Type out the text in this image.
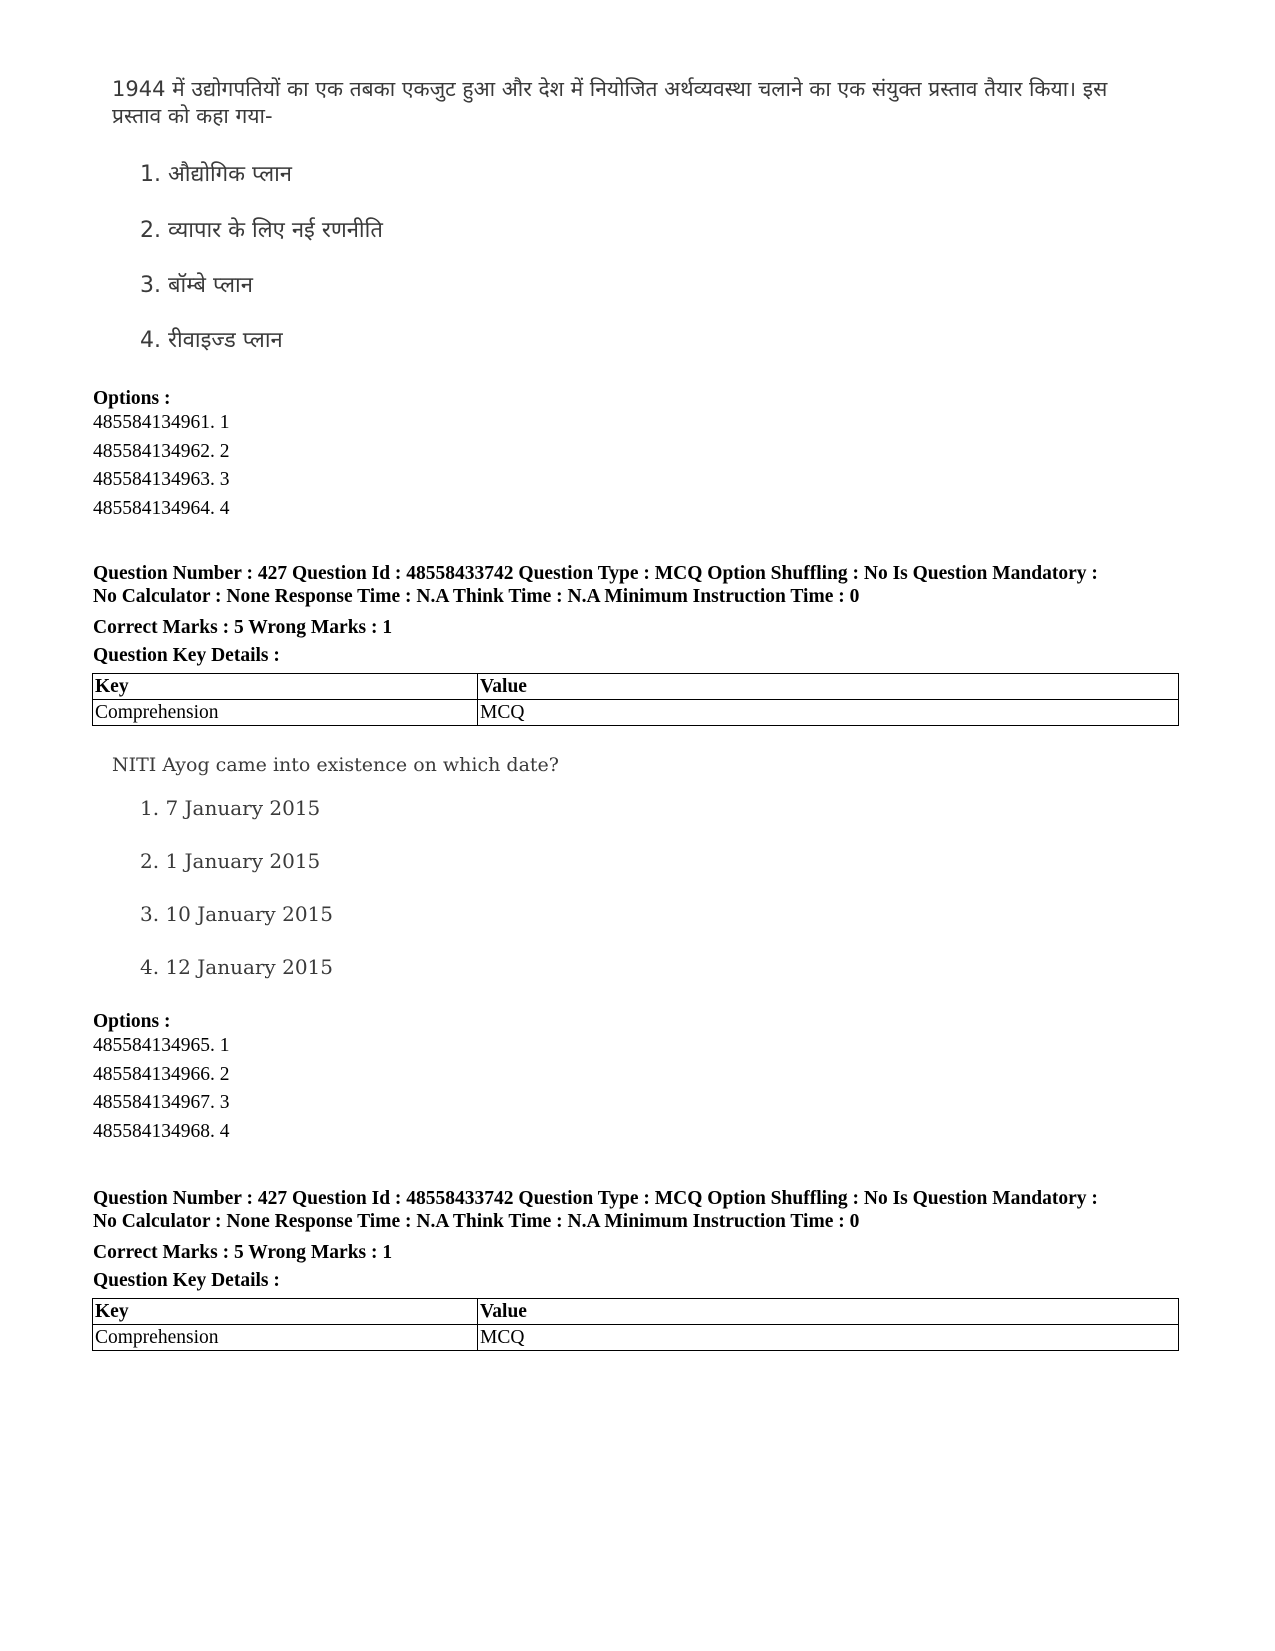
1944 में उद्योगपतियों का एक तबका एकजुट हुआ और देश में नियोजित अर्थव्यवस्था चलाने का एक संयुक्त प्रस्ताव तैयार किया। इस प्रस्ताव को कहा गया-

1. औद्योगिक प्लान
2. व्यापार के लिए नई रणनीति
3. बॉम्बे प्लान
4. रीवाइज्ड प्लान
Options :
485584134961. 1
485584134962. 2
485584134963. 3
485584134964. 4
Question Number : 427 Question Id : 48558433742 Question Type : MCQ Option Shuffling : No Is Question Mandatory :
No Calculator : None Response Time : N.A Think Time : N.A Minimum Instruction Time : 0
Correct Marks : 5 Wrong Marks : 1
Question Key Details :
Key	Value
Comprehension	MCQ

NITI Ayog came into existence on which date?

1. 7 January 2015
2. 1 January 2015
3. 10 January 2015
4. 12 January 2015
Options :
485584134965. 1
485584134966. 2
485584134967. 3
485584134968. 4
Question Number : 427 Question Id : 48558433742 Question Type : MCQ Option Shuffling : No Is Question Mandatory :
No Calculator : None Response Time : N.A Think Time : N.A Minimum Instruction Time : 0
Correct Marks : 5 Wrong Marks : 1
Question Key Details :
Key	Value
Comprehension	MCQ
